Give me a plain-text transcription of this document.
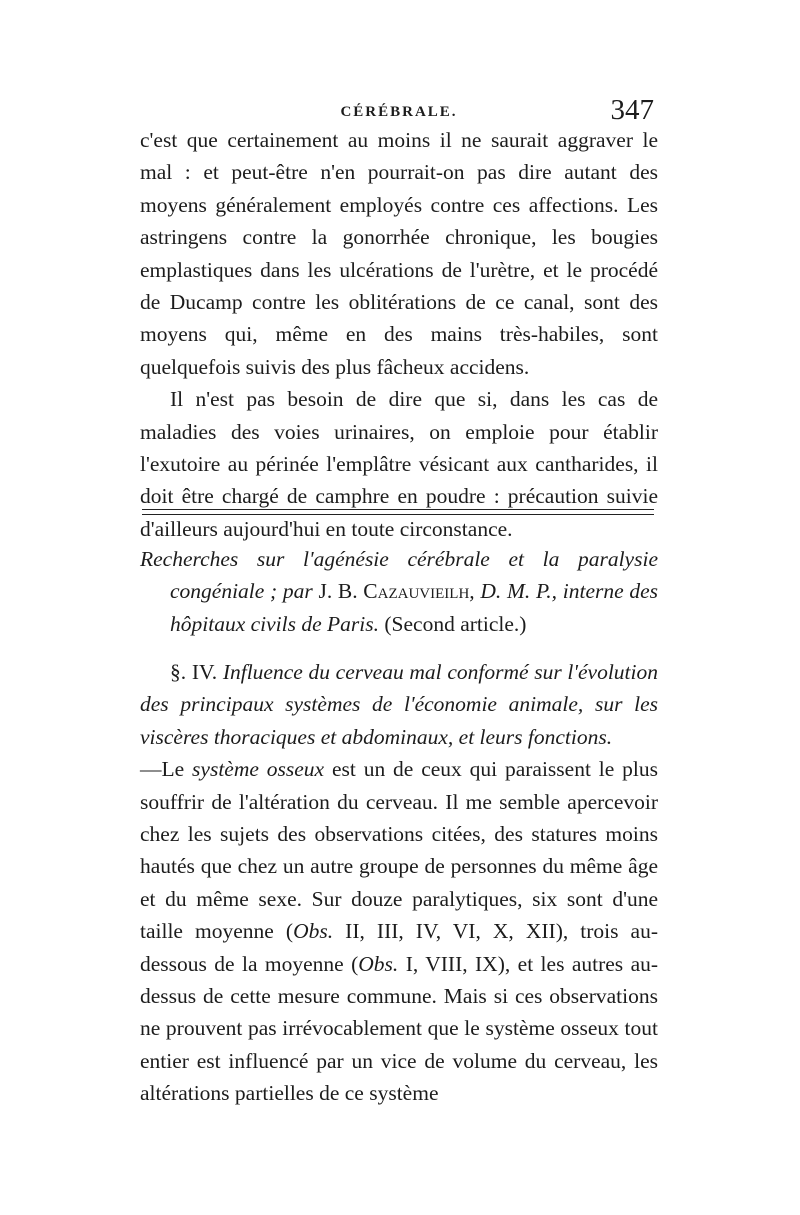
CÉRÉBRALE.	347

c'est que certainement au moins il ne saurait aggraver le mal : et peut-être n'en pourrait-on pas dire autant des moyens généralement employés contre ces affections. Les astringens contre la gonorrhée chronique, les bougies emplastiques dans les ulcérations de l'urètre, et le procédé de Ducamp contre les oblitérations de ce canal, sont des moyens qui, même en des mains très-habiles, sont quelquefois suivis des plus fâcheux accidens.

Il n'est pas besoin de dire que si, dans les cas de maladies des voies urinaires, on emploie pour établir l'exutoire au périnée l'emplâtre vésicant aux cantharides, il doit être chargé de camphre en poudre : précaution suivie d'ailleurs aujourd'hui en toute circonstance.

Recherches sur l'agénésie cérébrale et la paralysie congéniale ; par J. B. Cazauvieilh, D. M. P., interne des hôpitaux civils de Paris. (Second article.)

§. IV. Influence du cerveau mal conformé sur l'évolution des principaux systèmes de l'économie animale, sur les viscères thoraciques et abdominaux, et leurs fonctions.

—Le système osseux est un de ceux qui paraissent le plus souffrir de l'altération du cerveau. Il me semble apercevoir chez les sujets des observations citées, des statures moins hautés que chez un autre groupe de personnes du même âge et du même sexe. Sur douze paralytiques, six sont d'une taille moyenne (Obs. II, III, IV, VI, X, XII), trois au-dessous de la moyenne (Obs. I, VIII, IX), et les autres au-dessus de cette mesure commune. Mais si ces observations ne prouvent pas irrévocablement que le système osseux tout entier est influencé par un vice de volume du cerveau, les altérations partielles de ce système
